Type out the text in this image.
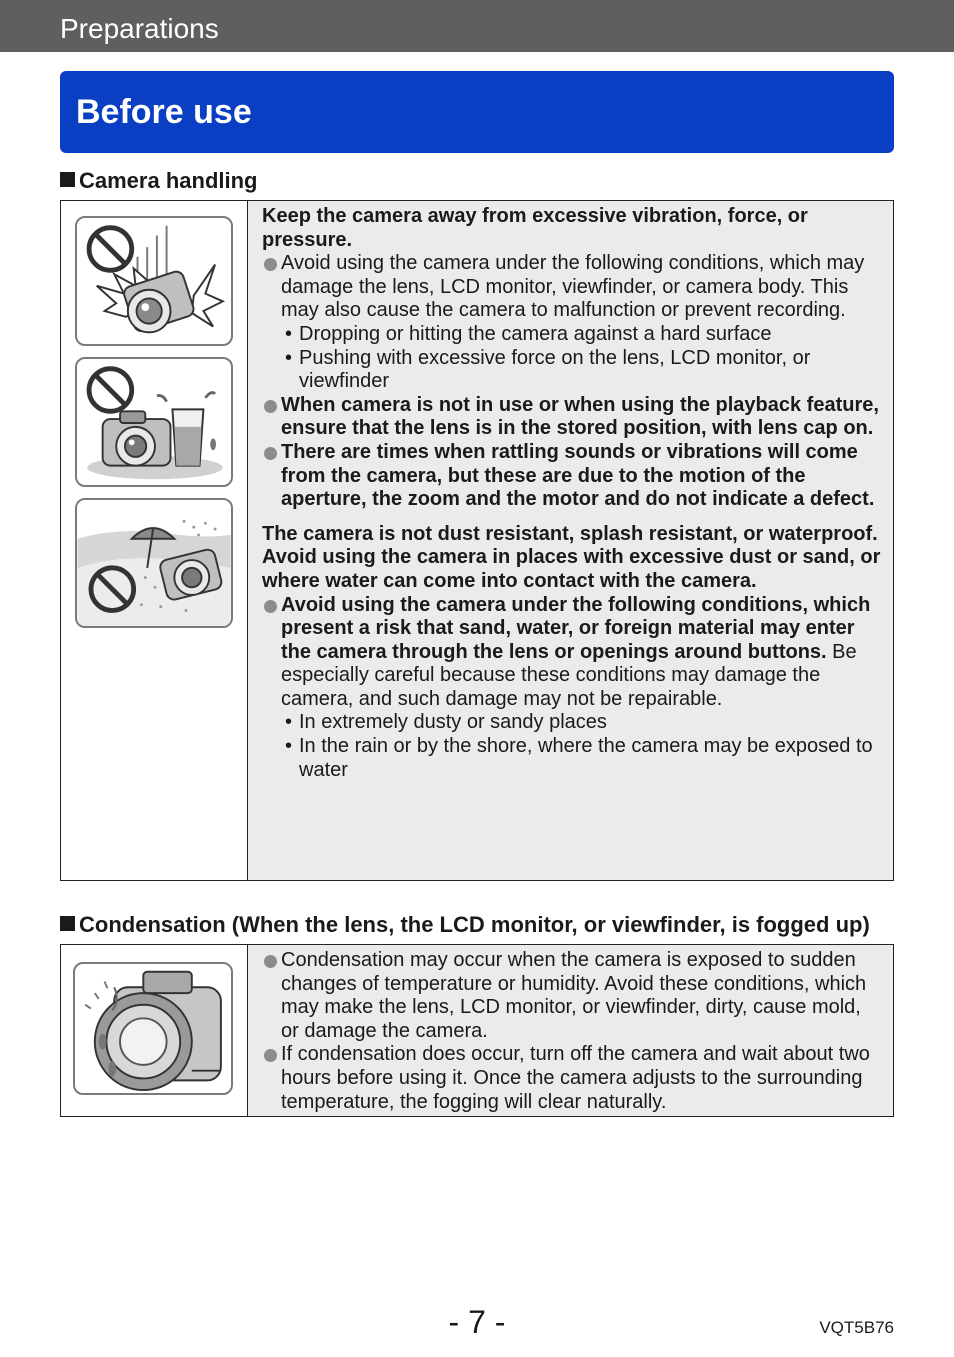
Preparations
Before use
Camera handling

Keep the camera away from excessive vibration, force, or pressure.

Avoid using the camera under the following conditions, which may damage the lens, LCD monitor, viewfinder, or camera body. This may also cause the camera to malfunction or prevent recording.

• Dropping or hitting the camera against a hard surface

• Pushing with excessive force on the lens, LCD monitor, or viewfinder

When camera is not in use or when using the playback feature, ensure that the lens is in the stored position, with lens cap on.

There are times when rattling sounds or vibrations will come from the camera, but these are due to the motion of the aperture, the zoom and the motor and do not indicate a defect.

The camera is not dust resistant, splash resistant, or waterproof.

Avoid using the camera in places with excessive dust or sand, or where water can come into contact with the camera.

Avoid using the camera under the following conditions, which present a risk that sand, water, or foreign material may enter the camera through the lens or openings around buttons. Be especially careful because these conditions may damage the camera, and such damage may not be repairable.

• In extremely dusty or sandy places

• In the rain or by the shore, where the camera may be exposed to water

Condensation (When the lens, the LCD monitor, or viewfinder, is fogged up)

Condensation may occur when the camera is exposed to sudden changes of temperature or humidity. Avoid these conditions, which may make the lens, LCD monitor, or viewfinder, dirty, cause mold, or damage the camera.

If condensation does occur, turn off the camera and wait about two hours before using it. Once the camera adjusts to the surrounding temperature, the fogging will clear naturally.

- 7 -	VQT5B76
